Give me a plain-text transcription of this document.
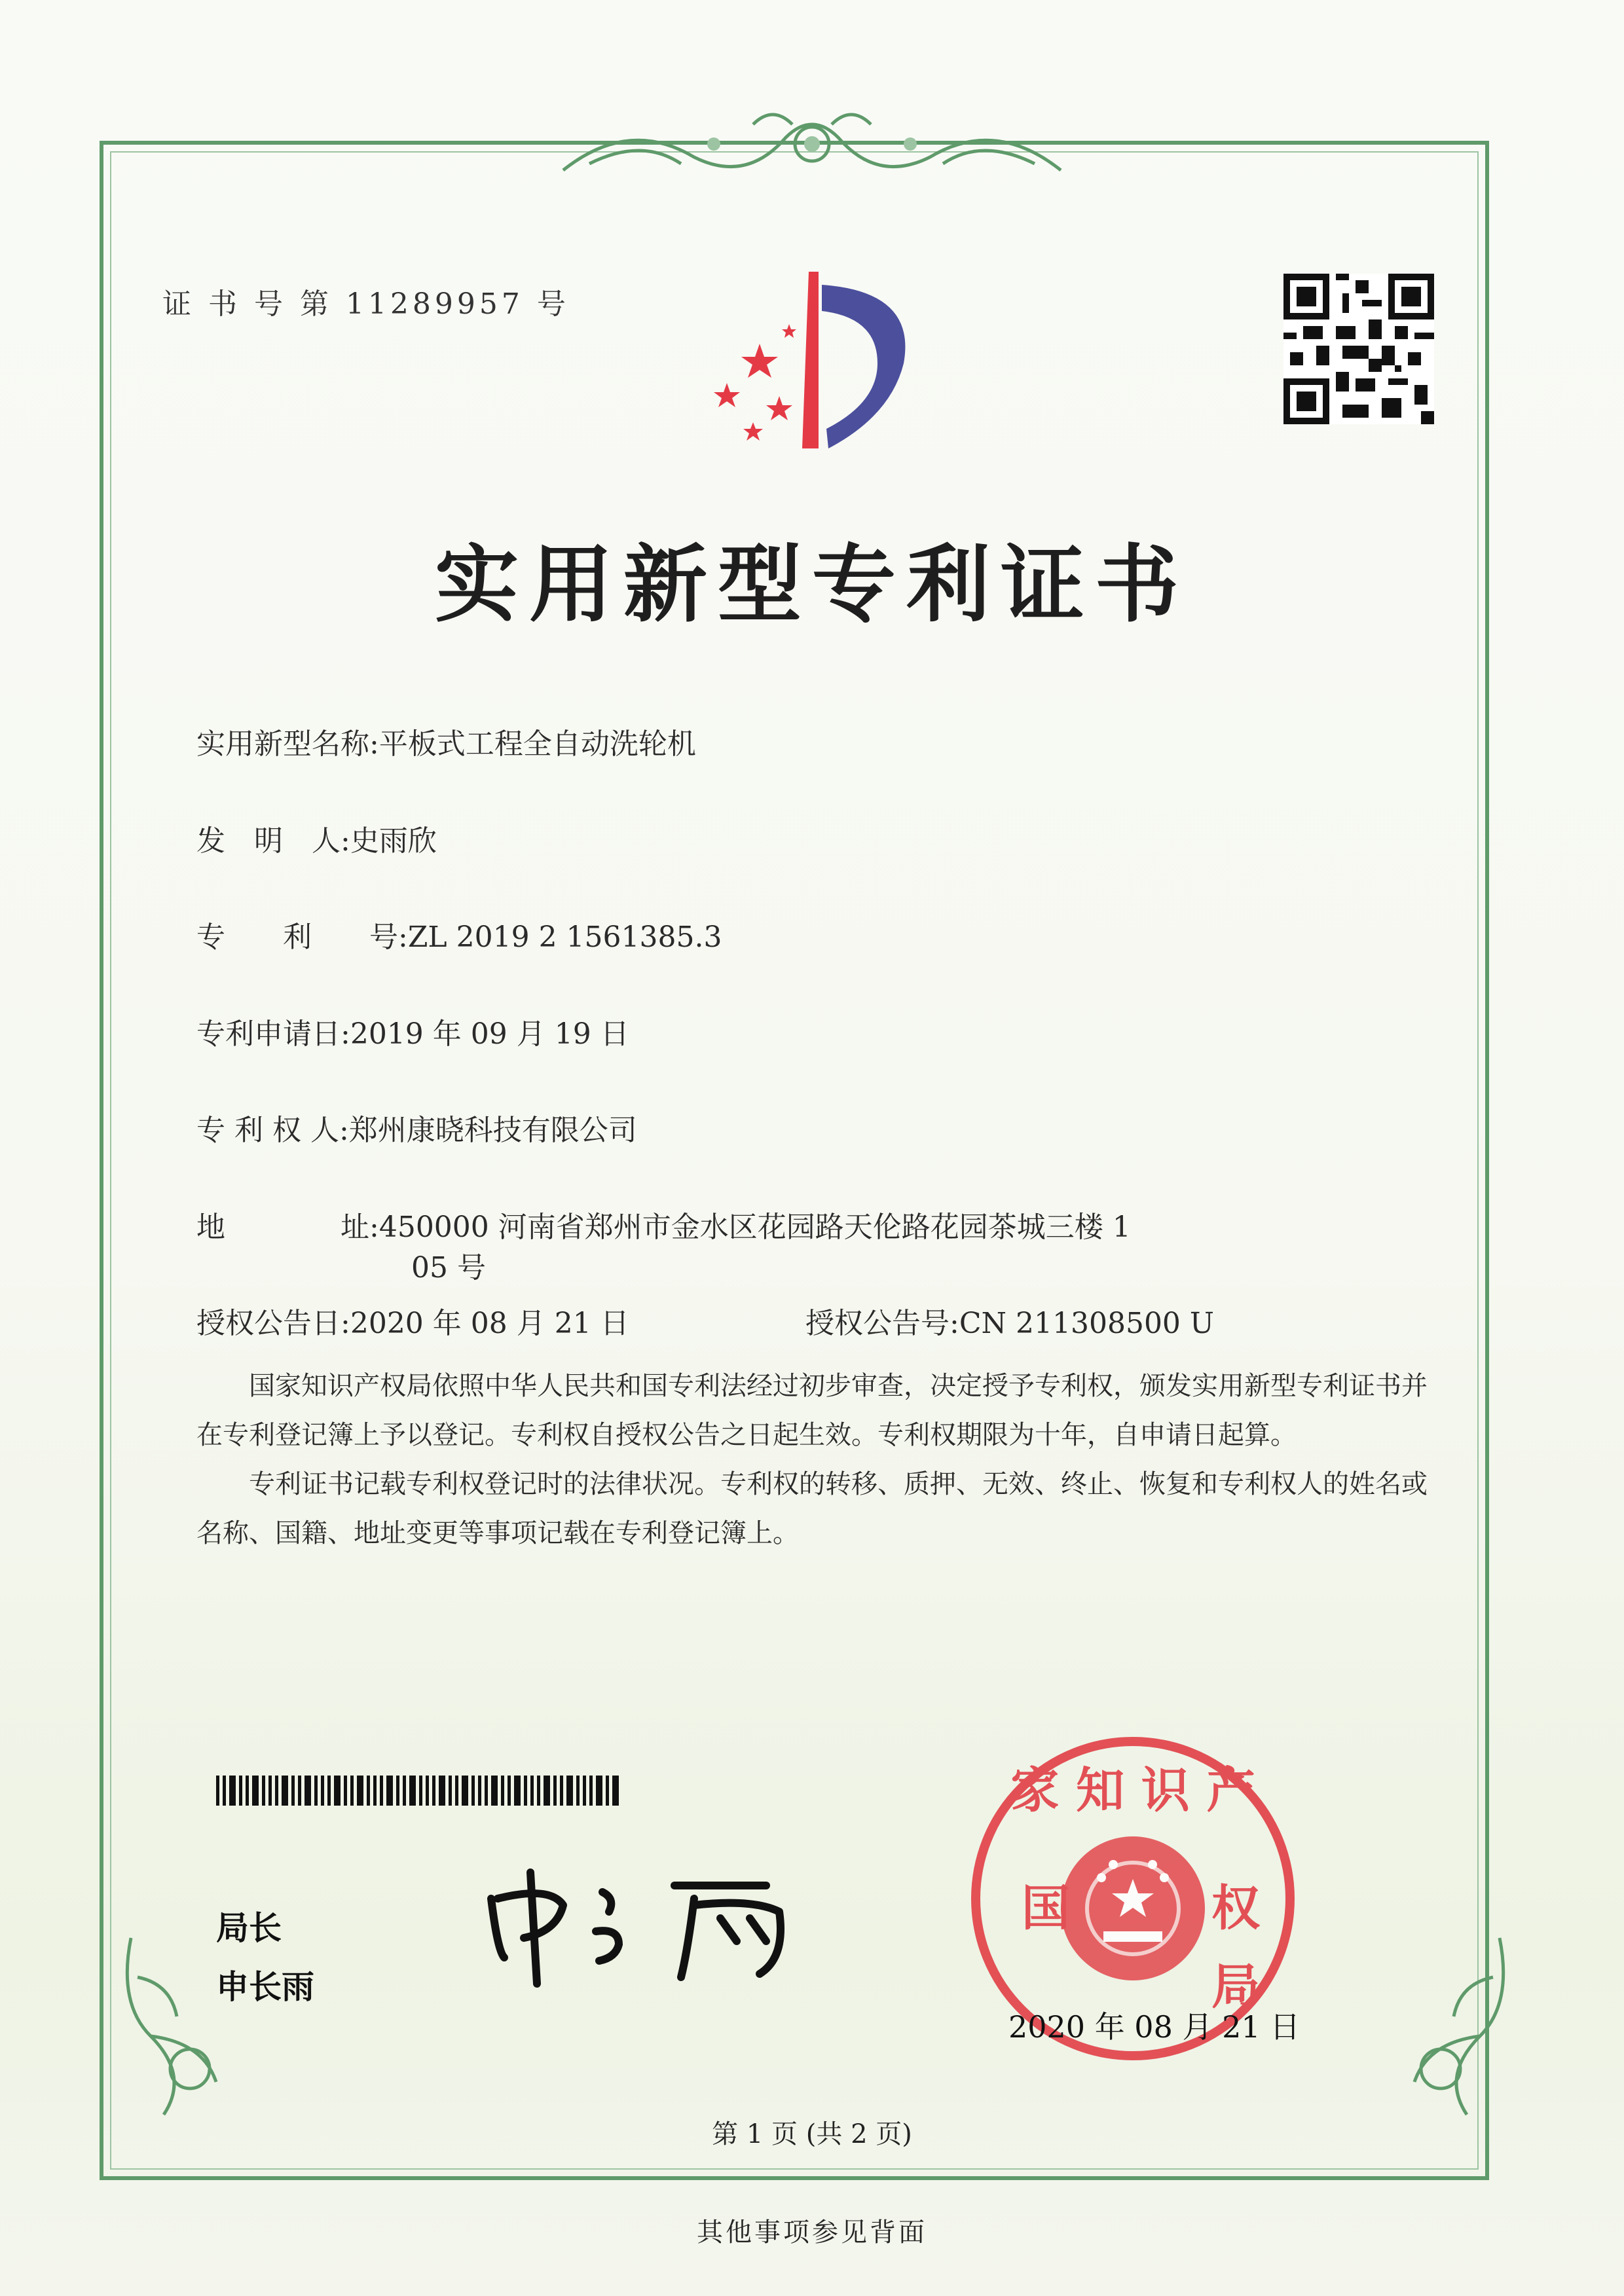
证 书 号 第 11289957 号
实用新型专利证书
实用新型名称:平板式工程全自动洗轮机
发　明　人:史雨欣
专　　利　　号:ZL 2019 2 1561385.3
专利申请日:2019 年 09 月 19 日
专 利 权 人:郑州康晓科技有限公司
地　　　　址:450000 河南省郑州市金水区花园路天伦路花园茶城三楼 1
05 号
授权公告日:2020 年 08 月 21 日	授权公告号:CN 211308500 U

国家知识产权局依照中华人民共和国专利法经过初步审查，决定授予专利权，颁发实用新型专利证书并在专利登记簿上予以登记。专利权自授权公告之日起生效。专利权期限为十年，自申请日起算。

专利证书记载专利权登记时的法律状况。专利权的转移、质押、无效、终止、恢复和专利权人的姓名或名称、国籍、地址变更等事项记载在专利登记簿上。

局长
申长雨
家 知 识 产
国	权
局
2020 年 08 月 21 日
第 1 页 (共 2 页)
其他事项参见背面
